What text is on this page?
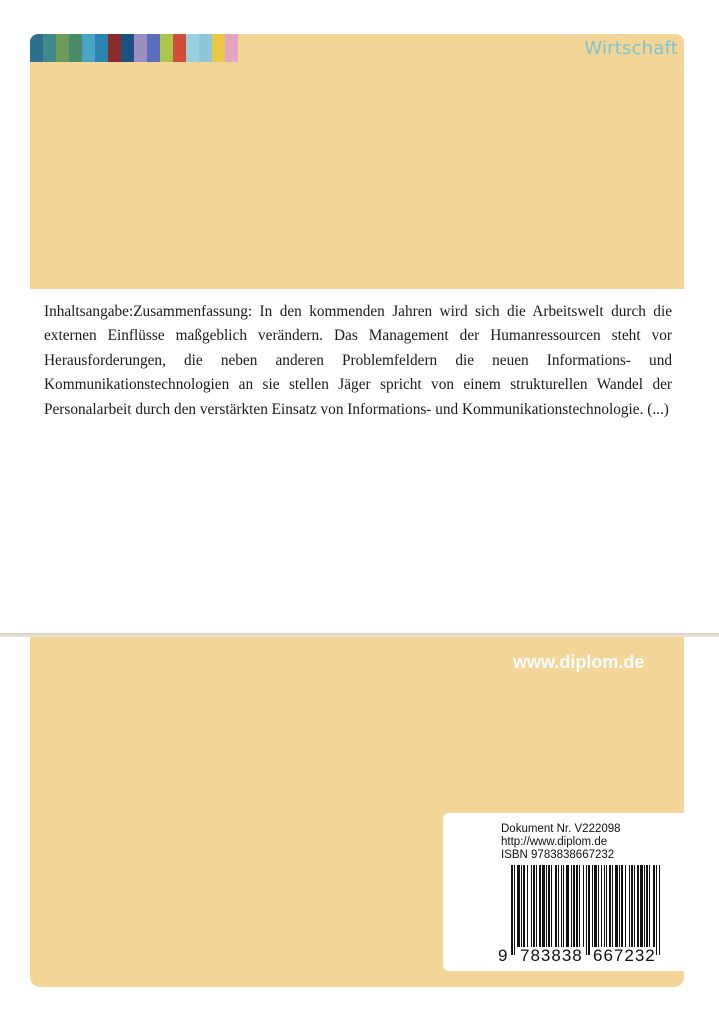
Wirtschaft

Inhaltsangabe:Zusammenfassung: In den kommenden Jahren wird sich die Arbeitswelt durch die externen Einflüsse maßgeblich verändern. Das Management der Humanressourcen steht vor Herausforderungen, die neben anderen Problemfeldern die neuen Informations- und Kommunikationstechnologien an sie stellen Jäger spricht von einem strukturellen Wandel der Personalarbeit durch den verstärkten Einsatz von Informations- und Kommunikationstechnologie. (...)

www.diplom.de
Dokument Nr. V222098
http://www.diplom.de
ISBN 9783838667232
9 783838 667232
